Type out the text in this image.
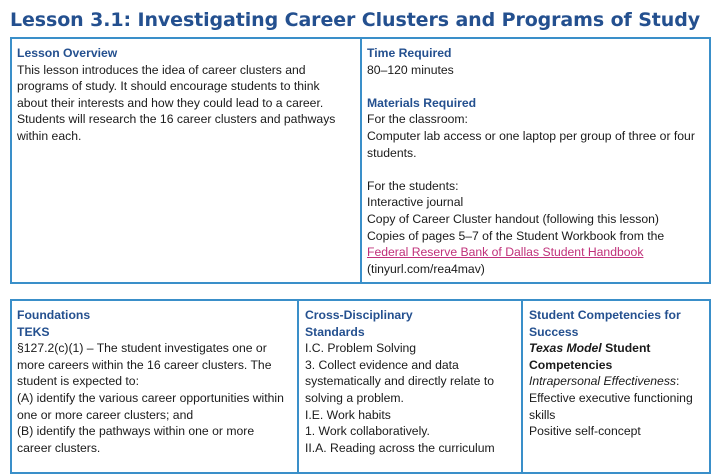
Lesson 3.1: Investigating Career Clusters and Programs of Study
Lesson Overview
This lesson introduces the idea of career clusters and
programs of study. It should encourage students to think
about their interests and how they could lead to a career.
Students will research the 16 career clusters and pathways
within each.
Time Required
80–120 minutes
Materials Required
For the classroom:
Computer lab access or one laptop per group of three or four
students.
For the students:
Interactive journal
Copy of Career Cluster handout (following this lesson)
Copies of pages 5–7 of the Student Workbook from the
Federal Reserve Bank of Dallas Student Handbook
(tinyurl.com/rea4mav)
Foundations
TEKS
§127.2(c)(1) – The student investigates one or
more careers within the 16 career clusters. The
student is expected to:
(A) identify the various career opportunities within
one or more career clusters; and
(B) identify the pathways within one or more
career clusters.
Cross-Disciplinary
Standards
I.C. Problem Solving
3. Collect evidence and data
systematically and directly relate to
solving a problem.
I.E. Work habits
1. Work collaboratively.
II.A. Reading across the curriculum
Student Competencies for
Success
Texas Model Student
Competencies
Intrapersonal Effectiveness:
Effective executive functioning
skills
Positive self-concept
